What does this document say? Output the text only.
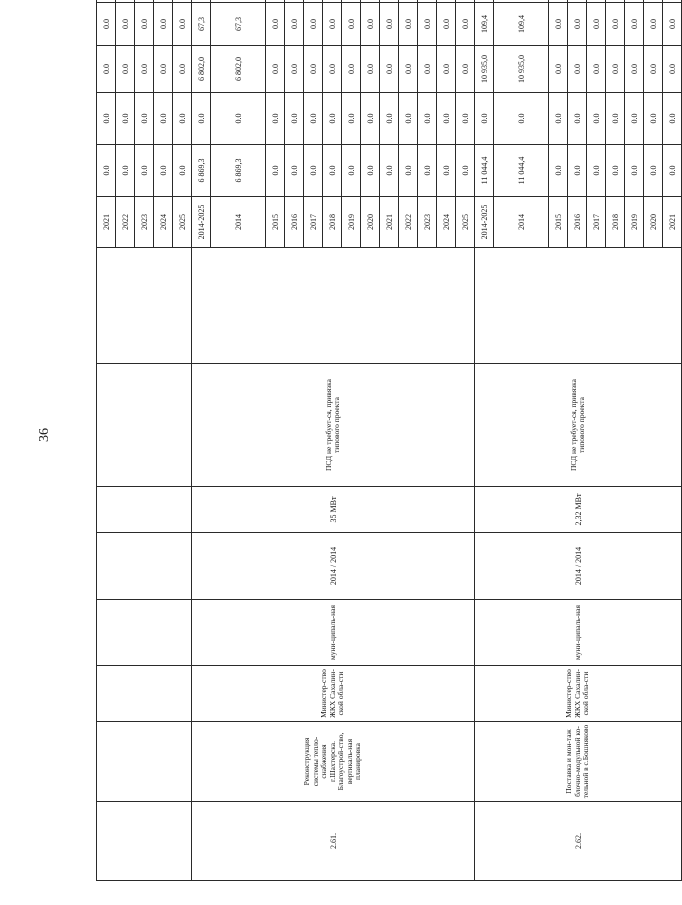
36
								2021	0.0	0.0	0.0	0.0		
								2022	0.0	0.0	0.0	0.0		
								2023	0.0	0.0	0.0	0.0		
								2024	0.0	0.0	0.0	0.0		
								2025	0.0	0.0	0.0	0.0		
2.61.	Реконструкция системы тепло-снабжения г.Шахтерска. Благоустрой-ство, вертикаль-ная планировка	Министер-ство ЖКХ Сахалин-ской обла-сти	муни-ципаль-ная	2014 / 2014	35 МВт	ПСД не требует-ся, привязка типового проекта		2014-2025	6 869,3	0.0	6 802,0	67,3		
								2014	6 869,3	0.0	6 802,0	67,3		
								2015	0.0	0.0	0.0	0.0		
								2016	0.0	0.0	0.0	0.0		
								2017	0.0	0.0	0.0	0.0		
								2018	0.0	0.0	0.0	0.0		
								2019	0.0	0.0	0.0	0.0		
								2020	0.0	0.0	0.0	0.0		
								2021	0.0	0.0	0.0	0.0		
								2022	0.0	0.0	0.0	0.0		
								2023	0.0	0.0	0.0	0.0		
								2024	0.0	0.0	0.0	0.0		
								2025	0.0	0.0	0.0	0.0		
2.62.	Поставка и мон-таж блочно-модульной ко-тельной в с.Бошняково	Министер-ство ЖКХ Сахалин-ской обла-сти	муни-ципаль-ная	2014 / 2014	2,32 МВт	ПСД не требует-ся, привязка типового проекта		2014-2025	11 044,4	0.0	10 935,0	109,4		
								2014	11 044,4	0.0	10 935,0	109,4		
								2015	0.0	0.0	0.0	0.0		
								2016	0.0	0.0	0.0	0.0		
								2017	0.0	0.0	0.0	0.0		
								2018	0.0	0.0	0.0	0.0		
								2019	0.0	0.0	0.0	0.0		
								2020	0.0	0.0	0.0	0.0		
								2021	0.0	0.0	0.0	0.0		
